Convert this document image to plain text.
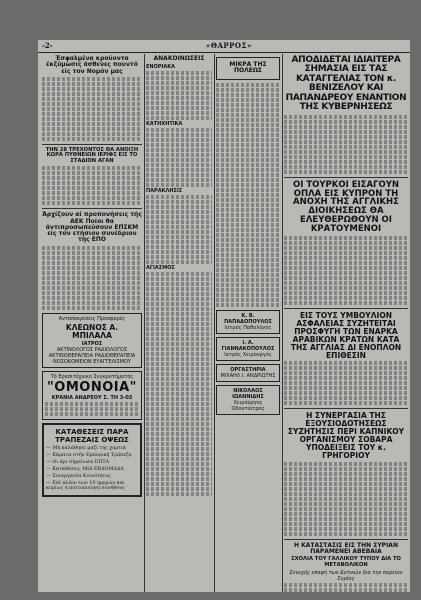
-2-	«ΘΑΡΡΟΣ»
Έσφαλμένα κρούοντα έκζύμωσις άσθενες πουντό είς τον Νομόν μας
ΤΗΝ 28 ΤΡΕΧΟΝΤΟΣ ΘΑ ΑΝΟΙΞΗ ΚΩΡΑ ΠΥΘΝΕΙΩΝ ΙΕΡΙΦΣ ΕΙΣ ΤΟ ΣΤΑΔΙΟΝ ΑΓΑΝ
Άρχίζουν αί προπονήσεις τής ΑΕΚ Ποίοι θα άντιπροσωπεύσουν ΕΠΣΚΜ είς τον ετήσιον συνέδριον της ΕΠΟ
Ανταποκρίσεις Προσφορές
ΚΛΕΩΝΟΣ Α. ΜΠΙΛΑΛΑ
ΙΑΤΡΟΣ
ΑΚΤΙΝΟΛΟΓΟΣ ΡΑΔΙΟΛΟΓΟΣ
ΑΚΤΙΝΟΘΕΡΑΠΕΙΑ ΡΑΔΙΟΘΕΡΑΠΕΙΑ
ΝΟΣΟΚΟΜΕΙΟΝ ΕΥΑΓΓΕΛΙΣΜΟΥ
Τό Ερασιτέχνικο Συγκροτήματος
"ΟΜΟΝΟΙΑ"
ΚΡΑΝΙΑ ΑΝΔΡΕΟΥ Σ. ΤΗ 3-03
ΚΑΤΑΘΕΣΕΙΣ ΠΑΡΑ ΤΡΑΠΕΖΑΙΣ ΟΨΕΩΣ
— Μή καλάθησε μαζί της χαρτιά
— Κάματα στήν Εμπορική Τράπεζα
— Οι άρι σημείωσα ΕΠΤΑ
— Καταθέσεις ΜΙΑ ΕΒΔΟΜΑΔΑ
— Συνεργασία Κοινότητος
— Επί πλέον των 10 ημερών και κυρίως η πιστοποίηση συνήθους
ΑΝΑΚΟΙΝΩΣΕΙΣ
ΕΝΟΡΙΑΚΑ
ΚΑΤΗΧΗΤΙΚΑ
ΠΑΡΑΚΛΗΣΙΣ
ΑΓΙΑΣΜΟΣ
ΜΙΚΡΑ ΤΗΣ ΠΟΛΕΩΣ
Κ. Β. ΠΑΠΑΔΟΠΟΥΛΟΣ
Ιατρός Παθολόγος
Ι. Α. ΓΙΑΝΝΑΚΟΠΟΥΛΟΣ
Ιατρός Χειρουργός
ΟΡΓΑΣΤΗΡΙΑ
ΜΙΧΑΗΛ Ι. ΑΝΔΡΙΩΤΗΣ
ΝΙΚΟΛΑΟΣ ΙΩΑΝΝΙΔΗΣ
Χειρούργος Οδοντίατρος
ΑΠΟΔΙΔΕΤΑΙ ΙΔΙΑΙΤΕΡΑ ΣΗΜΑΣΙΑ ΕΙΣ ΤΑΣ ΚΑΤΑΓΓΕΛΙΑΣ ΤΟΝ κ. ΒΕΝΙΖΕΛΟΥ ΚΑΙ ΠΑΠΑΝΔΡΕΟΥ ΕΝΑΝΤΙΟΝ ΤΗΣ ΚΥΒΕΡΝΗΣΕΩΣ
ΟΙ ΤΟΥΡΚΟΙ ΕΙΣΑΓΟΥΝ ΟΠΛΑ ΕΙΣ ΚΥΠΡΟΝ ΤΗ ΑΝΟΧΗ ΤΗΣ ΑΓΓΛΙΚΗΣ ΔΙΟΙΚΗΣΕΩΣ ΘΑ ΕΛΕΥΘΕΡΩΘΟΥΝ ΟΙ ΚΡΑΤΟΥΜΕΝΟΙ
ΕΙΣ ΤΟΥΣ ΥΜΒΟΥΛΙΟΝ ΑΣΦΑΛΕΙΑΣ ΣΥΖΗΤΕΙΤΑΙ ΠΡΟΣΦΥΓΗ ΤΩΝ ΕΝΑΡΚΑ ΑΡΑΒΙΚΩΝ ΚΡΑΤΩΝ ΚΑΤΑ ΤΗΣ ΑΓΓΛΙΑΣ ΔΙ ΕΝΟΠΛΟΝ ΕΠΙΘΕΣΙΝ
Η ΣΥΝΕΡΓΑΣΙΑ ΤΗΣ ΕΞΟΥΣΙΟΔΟΤΗΣΕΩΣ ΣΥΖΗΤΗΣΙΣ ΠΕΡΙ ΚΑΠΝΙΚΟΥ ΟΡΓΑΝΙΣΜΟΥ ΣΟΒΑΡΑ ΥΠΟΔΕΙΞΕΙΣ ΤΟΥ κ. ΓΡΗΓΟΡΙΟΥ
Η ΚΑΤΑΣΤΑΣΙΣ ΕΙΣ ΤΗΝ ΣΥΡΙΑΝ ΠΑΡΑΜΕΝΕΙ ΑΒΕΒΑΙΑ
ΣΧΟΛΙΑ ΤΟΥ ΓΑΛΛΙΚΟΥ ΤΥΠΟΥ ΔΙΑ ΤΟ ΜΕΤΑΒΟΛΙΚΟΝ
Συνεχής επαφή των Δυτικών δια την πορείαν Συρίας
